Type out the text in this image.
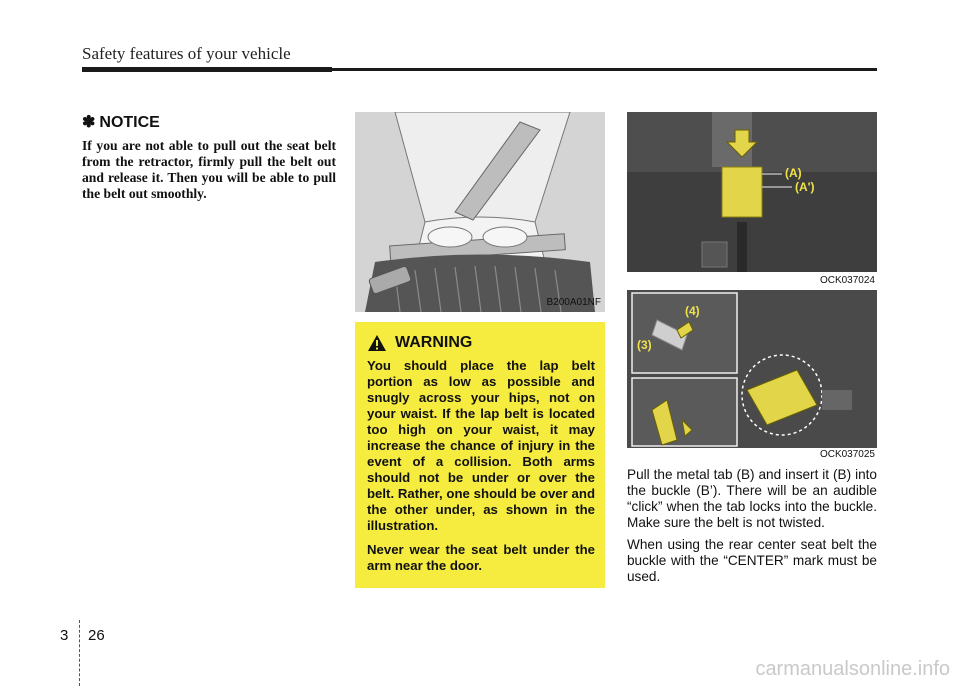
Safety features of your vehicle
✽ NOTICE

If you are not able to pull out the seat belt from the retractor, firmly pull the belt out and release it. Then you will be able to pull the belt out smoothly.

B200A01NF
(A)
(A')
OCK037024
(4)
(3)
OCK037025
WARNING

You should place the lap belt portion as low as possible and snugly across your hips, not on your waist. If the lap belt is located too high on your waist, it may increase the chance of injury in the event of a collision. Both arms should not be under or over the belt. Rather, one should be over and the other under, as shown in the illustration.

Never wear the seat belt under the arm near the door.

Pull the metal tab (B) and insert it (B) into the buckle (B’). There will be an audible “click” when the tab locks into the buckle. Make sure the belt is not twisted.

When using the rear center seat belt the buckle with the “CENTER” mark must be used.

3 26
carmanualsonline.info
